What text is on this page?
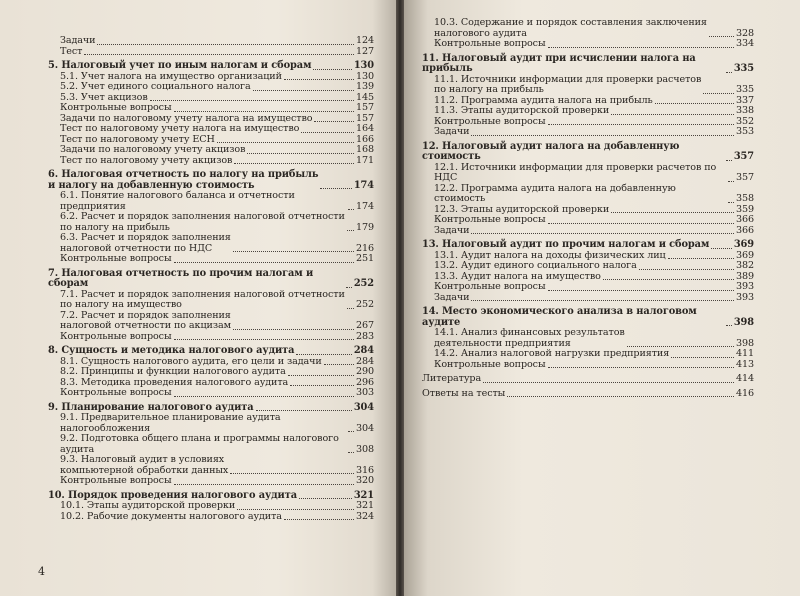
Задачи	124
Тест	127
5. Налоговый учет по иным налогам и сборам	130
5.1. Учет налога на имущество организаций	130
5.2. Учет единого социального налога	139
5.3. Учет акцизов	145
Контрольные вопросы	157
Задачи по налоговому учету налога на имущество	157
Тест по налоговому учету налога на имущество	164
Тест по налоговому учету ЕСН	166
Задачи по налоговому учету акцизов	168
Тест по налоговому учету акцизов	171
6. Налоговая отчетность по налогу на прибыль
и налогу на добавленную стоимость	174
6.1. Понятие налогового баланса и отчетности предприятия	174
6.2. Расчет и порядок заполнения налоговой отчетности
по налогу на прибыль	179
6.3. Расчет и порядок заполнения
налоговой отчетности по НДС	216
Контрольные вопросы	251
7. Налоговая отчетность по прочим налогам и сборам	252
7.1. Расчет и порядок заполнения налоговой отчетности
по налогу на имущество	252
7.2. Расчет и порядок заполнения
налоговой отчетности по акцизам	267
Контрольные вопросы	283
8. Сущность и методика налогового аудита	284
8.1. Сущность налогового аудита, его цели и задачи	284
8.2. Принципы и функции налогового аудита	290
8.3. Методика проведения налогового аудита	296
Контрольные вопросы	303
9. Планирование налогового аудита	304
9.1. Предварительное планирование аудита налогообложения	304
9.2. Подготовка общего плана и программы налогового аудита	308
9.3. Налоговый аудит в условиях
компьютерной обработки данных	316
Контрольные вопросы	320
10. Порядок проведения налогового аудита	321
10.1. Этапы аудиторской проверки	321
10.2. Рабочие документы налогового аудита	324
4
10.3. Содержание и порядок составления заключения
налогового аудита	328
Контрольные вопросы	334
11. Налоговый аудит при исчислении налога на прибыль	335
11.1. Источники информации для проверки расчетов
по налогу на прибыль	335
11.2. Программа аудита налога на прибыль	337
11.3. Этапы аудиторской проверки	338
Контрольные вопросы	352
Задачи	353
12. Налоговый аудит налога на добавленную стоимость	357
12.1. Источники информации для проверки расчетов по НДС	357
12.2. Программа аудита налога на добавленную стоимость	358
12.3. Этапы аудиторской проверки	359
Контрольные вопросы	366
Задачи	366
13. Налоговый аудит по прочим налогам и сборам	369
13.1. Аудит налога на доходы физических лиц	369
13.2. Аудит единого социального налога	382
13.3. Аудит налога на имущество	389
Контрольные вопросы	393
Задачи	393
14. Место экономического анализа в налоговом аудите	398
14.1. Анализ финансовых результатов
деятельности предприятия	398
14.2. Анализ налоговой нагрузки предприятия	411
Контрольные вопросы	413
Литература	414
Ответы на тесты	416
